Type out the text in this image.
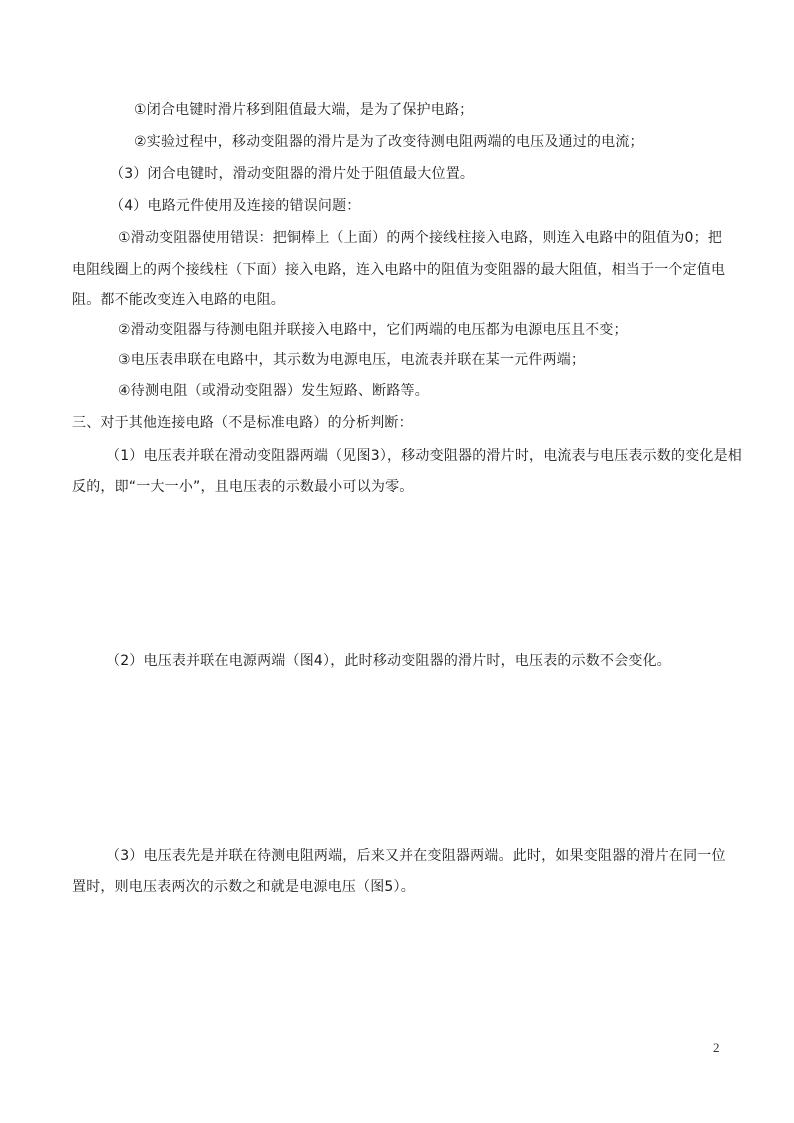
①闭合电键时滑片移到阻值最大端，是为了保护电路；
②实验过程中，移动变阻器的滑片是为了改变待测电阻两端的电压及通过的电流；
（3）闭合电键时，滑动变阻器的滑片处于阻值最大位置。
（4）电路元件使用及连接的错误问题：
①滑动变阻器使用错误：把铜棒上（上面）的两个接线柱接入电路，则连入电路中的阻值为0；把
电阻线圈上的两个接线柱（下面）接入电路，连入电路中的阻值为变阻器的最大阻值，相当于一个定值电
阻。都不能改变连入电路的电阻。
②滑动变阻器与待测电阻并联接入电路中，它们两端的电压都为电源电压且不变；
③电压表串联在电路中，其示数为电源电压，电流表并联在某一元件两端；
④待测电阻（或滑动变阻器）发生短路、断路等。
三、对于其他连接电路（不是标准电路）的分析判断：
（1）电压表并联在滑动变阻器两端（见图3），移动变阻器的滑片时，电流表与电压表示数的变化是相
反的，即“一大一小”，且电压表的示数最小可以为零。
（2）电压表并联在电源两端（图4），此时移动变阻器的滑片时，电压表的示数不会变化。
（3）电压表先是并联在待测电阻两端，后来又并在变阻器两端。此时，如果变阻器的滑片在同一位
置时，则电压表两次的示数之和就是电源电压（图5）。
2
